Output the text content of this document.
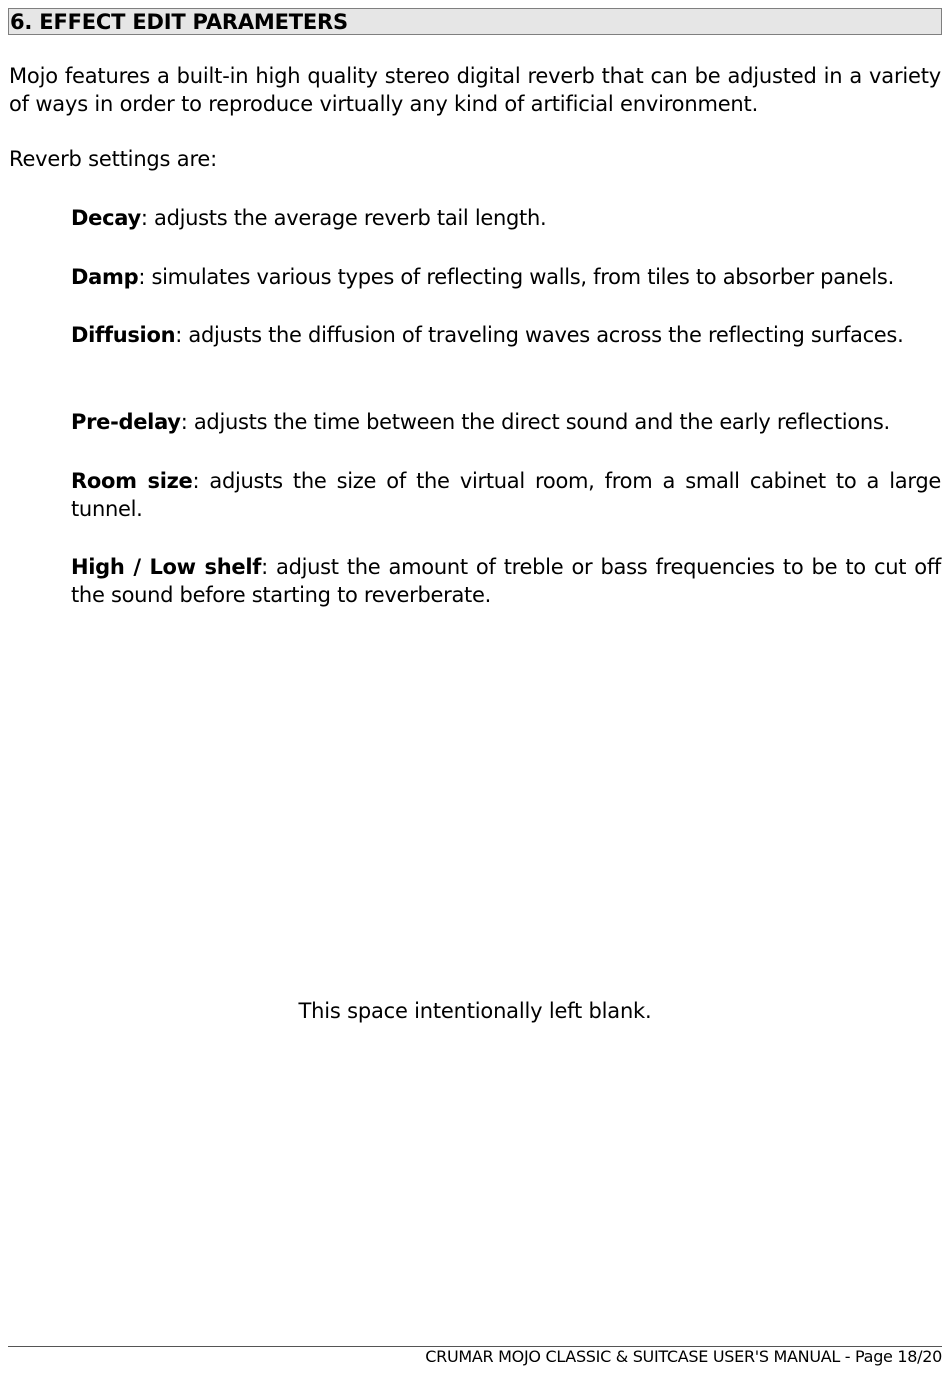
6. EFFECT EDIT PARAMETERS

Mojo features a built-in high quality stereo digital reverb that can be adjusted in a variety of ways in order to reproduce virtually any kind of artificial environment.

Reverb settings are:

Decay: adjusts the average reverb tail length.

Damp: simulates various types of reflecting walls, from tiles to absorber panels.

Diffusion: adjusts the diffusion of traveling waves across the reflecting surfaces.

Pre-delay: adjusts the time between the direct sound and the early reflections.

Room size: adjusts the size of the virtual room, from a small cabinet to a large tunnel.

High / Low shelf: adjust the amount of treble or bass frequencies to be to cut off the sound before starting to reverberate.

This space intentionally left blank.
CRUMAR MOJO CLASSIC & SUITCASE USER'S MANUAL - Page 18/20
